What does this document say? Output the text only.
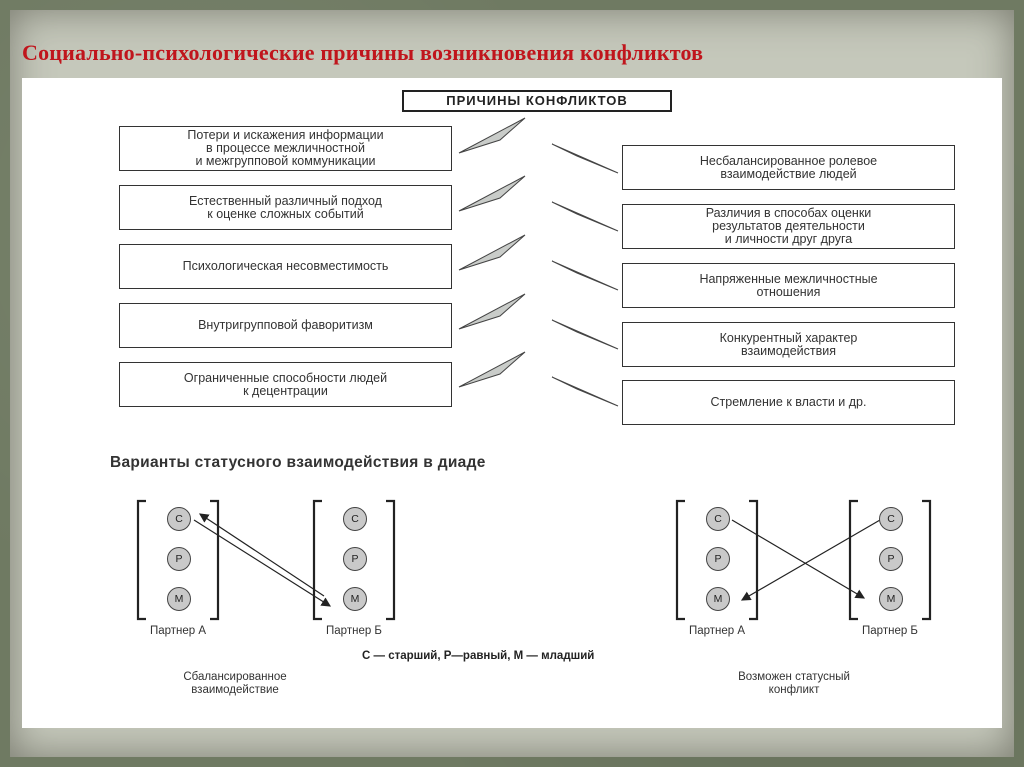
Социально-психологические причины возникновения конфликтов
ПРИЧИНЫ КОНФЛИКТОВ
Потери и искажения информации
в процессе межличностной
и межгрупповой коммуникации
Естественный различный подход
к оценке сложных событий
Психологическая несовместимость
Внутригрупповой фаворитизм
Ограниченные способности людей
к децентрации
Несбалансированное ролевое
взаимодействие людей
Различия в способах оценки
результатов деятельности
и личности друг друга
Напряженные межличностные
отношения
Конкурентный характер
взаимодействия
Стремление к власти и др.
Варианты статусного взаимодействия в диаде
С
Р
М
С
Р
М
С
Р
М
С
Р
М
Партнер А	Партнер Б	Партнер А	Партнер Б
С — старший, Р—равный, М — младший
Сбалансированное
взаимодействие
Возможен статусный
конфликт
